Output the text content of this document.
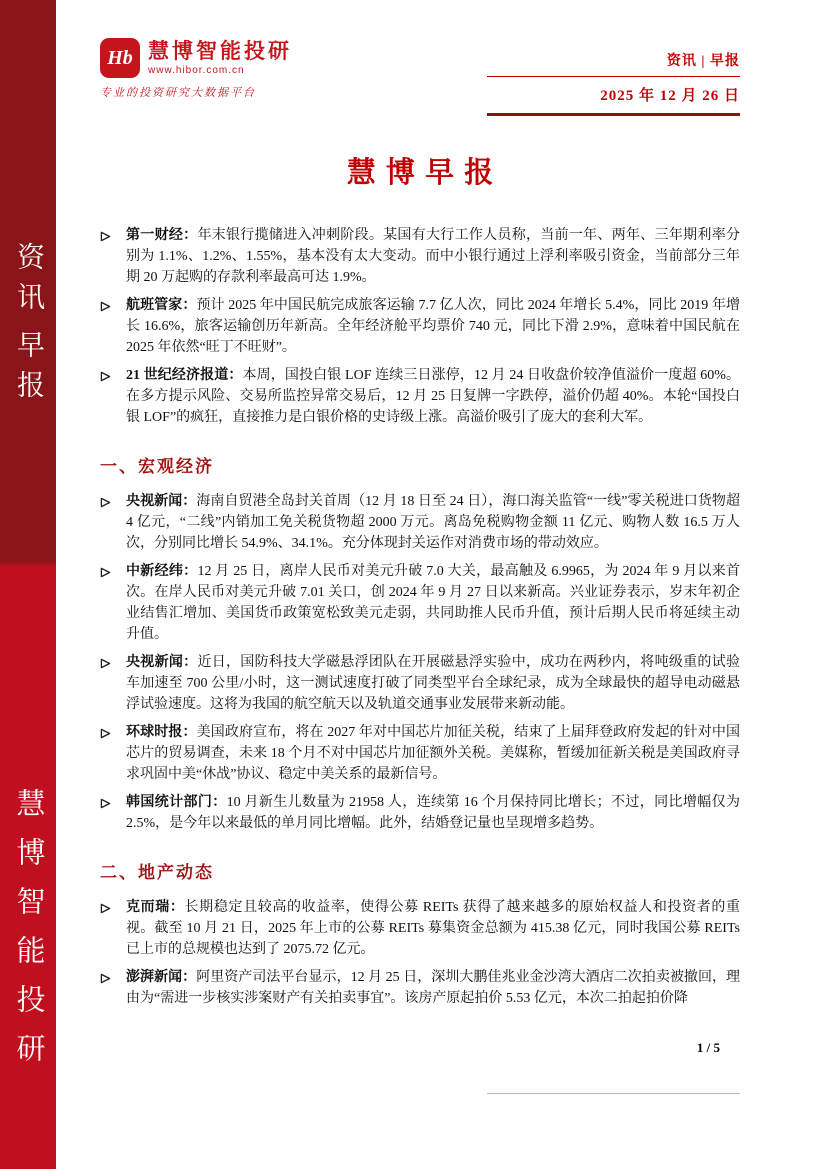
资讯
早报
慧博智能投研
Hb 慧博智能投研
www.hibor.com.cn
专业的投资研究大数据平台
资讯 | 早报
2025 年 12 月 26 日
慧博早报

第一财经：年末银行揽储进入冲刺阶段。某国有大行工作人员称，当前一年、两年、三年期利率分别为 1.1%、1.2%、1.55%，基本没有太大变动。而中小银行通过上浮利率吸引资金，当前部分三年期 20 万起购的存款利率最高可达 1.9%。

航班管家：预计 2025 年中国民航完成旅客运输 7.7 亿人次，同比 2024 年增长 5.4%，同比 2019 年增长 16.6%，旅客运输创历年新高。全年经济舱平均票价 740 元，同比下滑 2.9%，意味着中国民航在 2025 年依然“旺丁不旺财”。

21 世纪经济报道：本周，国投白银 LOF 连续三日涨停，12 月 24 日收盘价较净值溢价一度超 60%。在多方提示风险、交易所监控异常交易后，12 月 25 日复牌一字跌停，溢价仍超 40%。本轮“国投白银 LOF”的疯狂，直接推力是白银价格的史诗级上涨。高溢价吸引了庞大的套利大军。

一、宏观经济

央视新闻：海南自贸港全岛封关首周（12 月 18 日至 24 日），海口海关监管“一线”零关税进口货物超 4 亿元，“二线”内销加工免关税货物超 2000 万元。离岛免税购物金额 11 亿元、购物人数 16.5 万人次，分别同比增长 54.9%、34.1%。充分体现封关运作对消费市场的带动效应。

中新经纬：12 月 25 日，离岸人民币对美元升破 7.0 大关，最高触及 6.9965，为 2024 年 9 月以来首次。在岸人民币对美元升破 7.01 关口，创 2024 年 9 月 27 日以来新高。兴业证券表示，岁末年初企业结售汇增加、美国货币政策宽松致美元走弱，共同助推人民币升值，预计后期人民币将延续主动升值。

央视新闻：近日，国防科技大学磁悬浮团队在开展磁悬浮实验中，成功在两秒内，将吨级重的试验车加速至 700 公里/小时，这一测试速度打破了同类型平台全球纪录，成为全球最快的超导电动磁悬浮试验速度。这将为我国的航空航天以及轨道交通事业发展带来新动能。

环球时报：美国政府宣布，将在 2027 年对中国芯片加征关税，结束了上届拜登政府发起的针对中国芯片的贸易调查，未来 18 个月不对中国芯片加征额外关税。美媒称，暂缓加征新关税是美国政府寻求巩固中美“休战”协议、稳定中美关系的最新信号。

韩国统计部门：10 月新生儿数量为 21958 人，连续第 16 个月保持同比增长；不过，同比增幅仅为 2.5%，是今年以来最低的单月同比增幅。此外，结婚登记量也呈现增多趋势。

二、地产动态

克而瑞：长期稳定且较高的收益率，使得公募 REITs 获得了越来越多的原始权益人和投资者的重视。截至 10 月 21 日，2025 年上市的公募 REITs 募集资金总额为 415.38 亿元，同时我国公募 REITs 已上市的总规模也达到了 2075.72 亿元。

澎湃新闻：阿里资产司法平台显示，12 月 25 日，深圳大鹏佳兆业金沙湾大酒店二次拍卖被撤回，理由为“需进一步核实涉案财产有关拍卖事宜”。该房产原起拍价 5.53 亿元，本次二拍起拍价降

1 / 5
